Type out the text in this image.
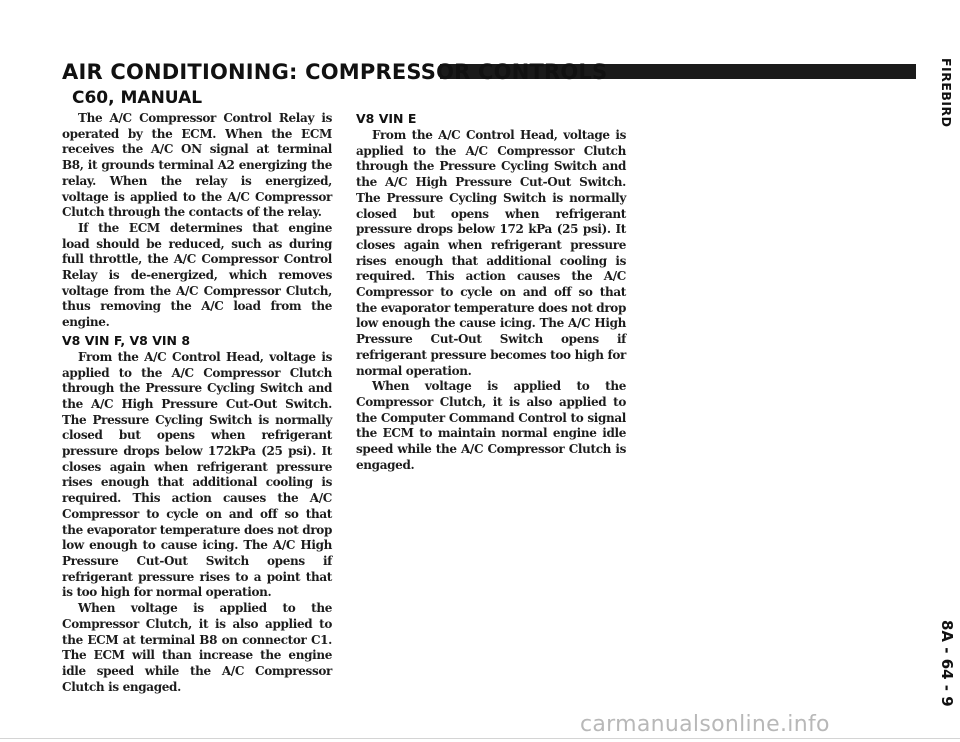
AIR CONDITIONING: COMPRESSOR CONTROLS
C60, MANUAL

The A/C Compressor Control Relay is operated by the ECM. When the ECM receives the A/C ON signal at terminal B8, it grounds terminal A2 energizing the relay. When the relay is energized, voltage is applied to the A/C Compressor Clutch through the contacts of the relay.

If the ECM determines that engine load should be reduced, such as during full throttle, the A/C Compressor Control Relay is de-energized, which removes voltage from the A/C Compressor Clutch, thus removing the A/C load from the engine.

V8 VIN F, V8 VIN 8

From the A/C Control Head, voltage is applied to the A/C Compressor Clutch through the Pressure Cycling Switch and the A/C High Pressure Cut-Out Switch. The Pressure Cycling Switch is normally closed but opens when refrigerant pressure drops below 172kPa (25 psi). It closes again when refrigerant pressure rises enough that additional cooling is required. This action causes the A/C Compressor to cycle on and off so that the evaporator temperature does not drop low enough to cause icing. The A/C High Pressure Cut-Out Switch opens if refrigerant pressure rises to a point that is too high for normal operation.

When voltage is applied to the Compressor Clutch, it is also applied to the ECM at terminal B8 on connector C1. The ECM will than increase the engine idle speed while the A/C Compressor Clutch is engaged.

V8 VIN E

From the A/C Control Head, voltage is applied to the A/C Compressor Clutch through the Pressure Cycling Switch and the A/C High Pressure Cut-Out Switch. The Pressure Cycling Switch is normally closed but opens when refrigerant pressure drops below 172 kPa (25 psi). It closes again when refrigerant pressure rises enough that additional cooling is required. This action causes the A/C Compressor to cycle on and off so that the evaporator temperature does not drop low enough the cause icing. The A/C High Pressure Cut-Out Switch opens if refrigerant pressure becomes too high for normal operation.

When voltage is applied to the Compressor Clutch, it is also applied to the Computer Command Control to signal the ECM to maintain normal engine idle speed while the A/C Compressor Clutch is engaged.

FIREBIRD
8A - 64 - 9
carmanualsonline.info
